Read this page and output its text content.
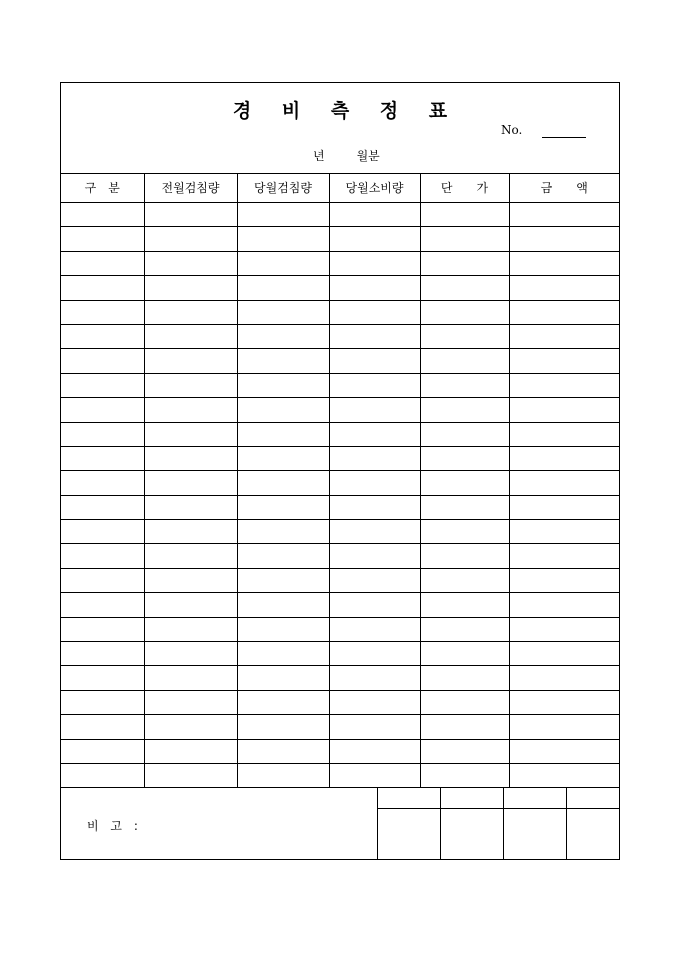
경 비 측 정 표
No.
년	월분
구　분	전월검침량	당월검침량	당월소비량	단　　가	금　　액

비 고 :
